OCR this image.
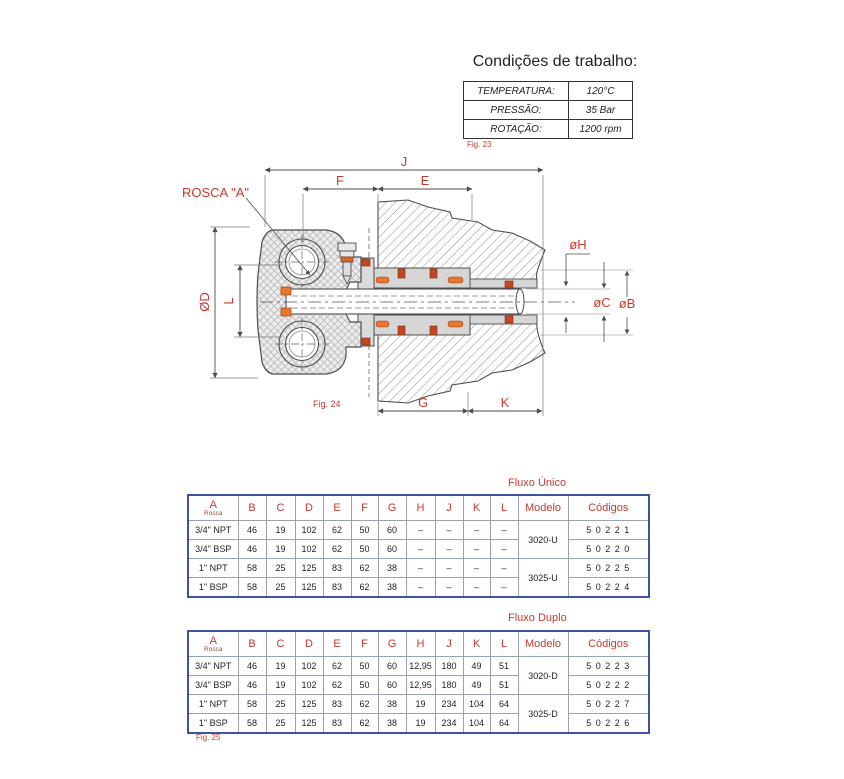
J
F	E
G	K
ØD L
øH
øC øB
ROSCA "A"
Fig. 24
Condições de trabalho:
TEMPERATURA:	120°C
PRESSÃO:	35 Bar
ROTAÇÃO:	1200 rpm
Fig. 23
Fluxo Único
A
Rosca	B	C	D	E	F	G	H	J	K	L	Modelo	Códigos
3/4" NPT	46	19	102	62	50	60	–	–	–	–	3020-U	5 0 2 2 1
3/4" BSP	46	19	102	62	50	60	–	–	–	–		5 0 2 2 0
1" NPT	58	25	125	83	62	38	–	–	–	–	3025-U	5 0 2 2 5
1" BSP	58	25	125	83	62	38	–	–	–	–		5 0 2 2 4
Fluxo Duplo
A
Rosca	B	C	D	E	F	G	H	J	K	L	Modelo	Códigos
3/4" NPT	46	19	102	62	50	60	12,95	180	49	51	3020-D	5 0 2 2 3
3/4" BSP	46	19	102	62	50	60	12,95	180	49	51		5 0 2 2 2
1" NPT	58	25	125	83	62	38	19	234	104	64	3025-D	5 0 2 2 7
1" BSP	58	25	125	83	62	38	19	234	104	64		5 0 2 2 6
Fig. 25
